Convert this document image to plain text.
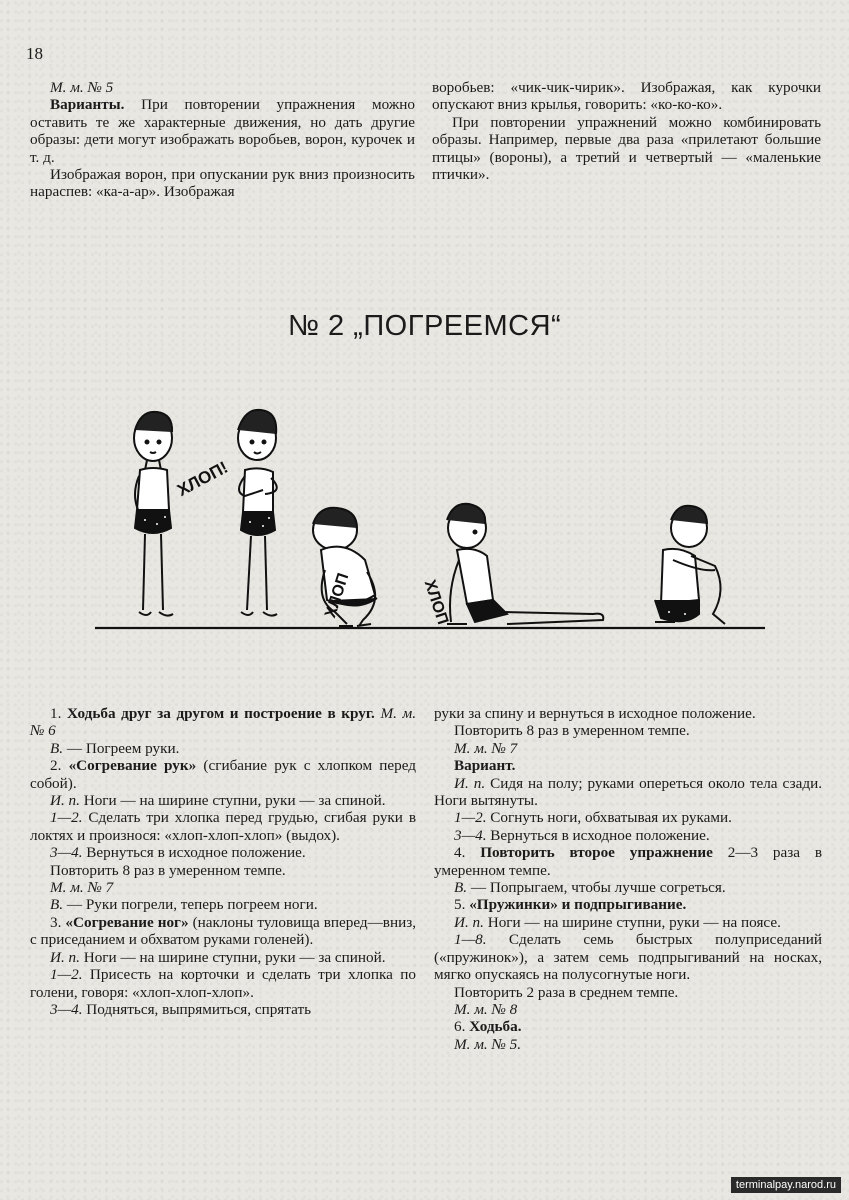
18

М. м. № 5

Варианты. При повторении упражнения можно оставить те же характерные движения, но дать другие образы: дети могут изображать воробьев, ворон, курочек и т. д.

Изображая ворон, при опускании рук вниз произносить нараспев: «ка-а-ар». Изображая

воробьев: «чик-чик-чирик». Изображая, как курочки опускают вниз крылья, говорить: «ко-ко-ко».

При повторении упражнений можно комбинировать образы. Например, первые два раза «прилетают большие птицы» (вороны), а третий и четвертый — «маленькие птички».

№ 2 „ПОГРЕЕМСЯ“
ХЛОП!
ХЛОП	ХЛОП

1. Ходьба друг за другом и построение в круг. М. м. № 6

В. — Погреем руки.

2. «Согревание рук» (сгибание рук с хлопком перед собой).

И. п. Ноги — на ширине ступни, руки — за спиной.

1—2. Сделать три хлопка перед грудью, сгибая руки в локтях и произнося: «хлоп-хлоп-хлоп» (выдох).

3—4. Вернуться в исходное положение.

Повторить 8 раз в умеренном темпе.

М. м. № 7

В. — Руки погрели, теперь погреем ноги.

3. «Согревание ног» (наклоны туловища вперед—вниз, с приседанием и обхватом руками голеней).

И. п. Ноги — на ширине ступни, руки — за спиной.

1—2. Присесть на корточки и сделать три хлопка по голени, говоря: «хлоп-хлоп-хлоп».

3—4. Подняться, выпрямиться, спрятать

руки за спину и вернуться в исходное положение.

Повторить 8 раз в умеренном темпе.

М. м. № 7

Вариант.

И. п. Сидя на полу; руками опереться около тела сзади. Ноги вытянуты.

1—2. Согнуть ноги, обхватывая их руками.

3—4. Вернуться в исходное положение.

4. Повторить второе упражнение 2—3 раза в умеренном темпе.

В. — Попрыгаем, чтобы лучше согреться.

5. «Пружинки» и подпрыгивание.

И. п. Ноги — на ширине ступни, руки — на поясе.

1—8. Сделать семь быстрых полуприседаний («пружинок»), а затем семь подпрыгиваний на носках, мягко опускаясь на полусогнутые ноги.

Повторить 2 раза в среднем темпе.

М. м. № 8

6. Ходьба.

М. м. № 5.

terminalpay.narod.ru
